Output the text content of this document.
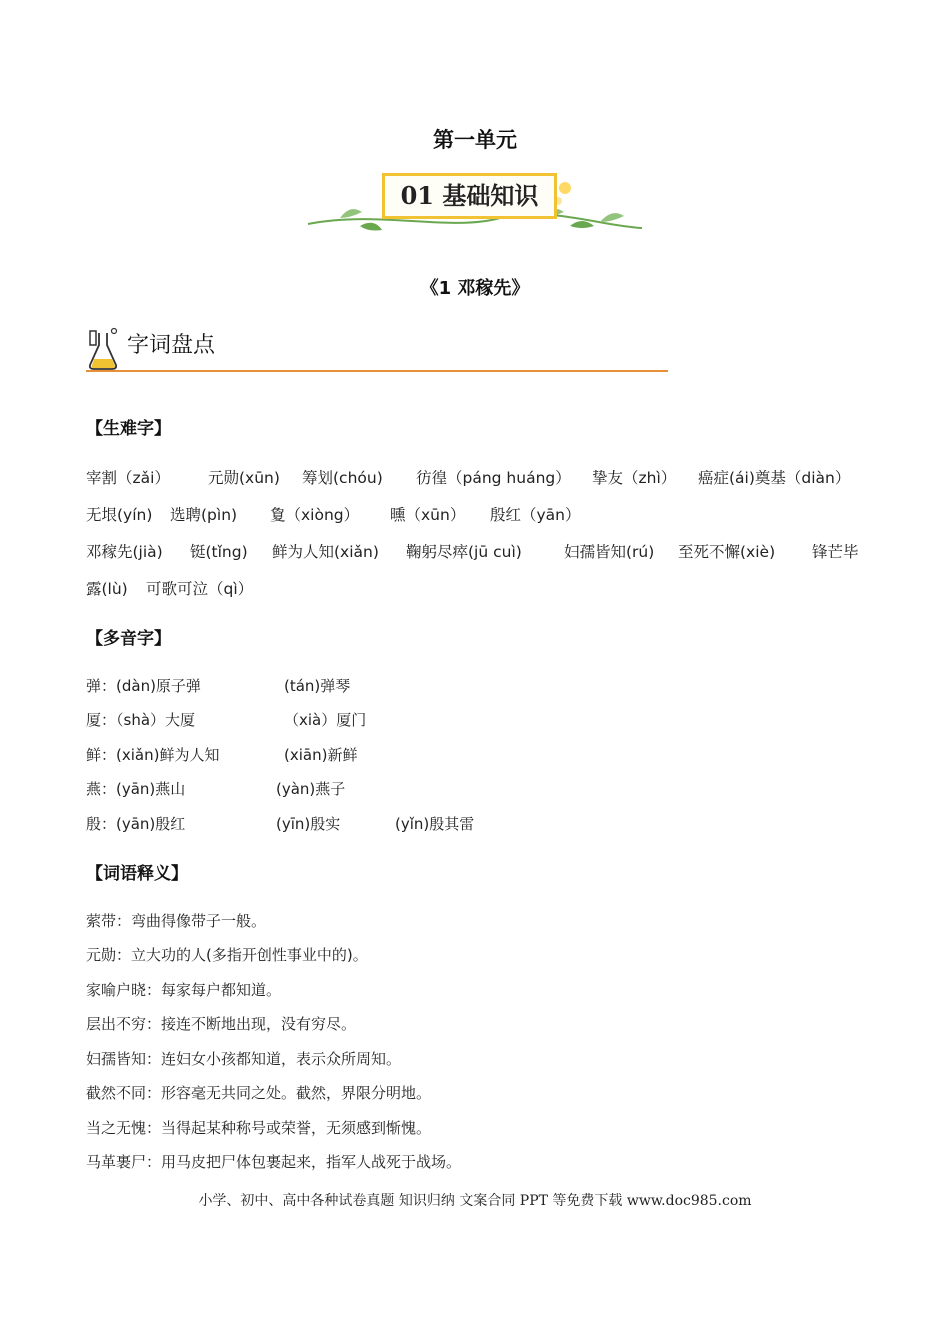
第一单元
01 基础知识
《1 邓稼先》
字词盘点
【生难字】
宰割（zǎi） 元勋(xūn) 筹划(chóu) 彷徨（páng huáng） 挚友（zhì） 癌症(ái)奠基（diàn）
无垠(yín) 选聘(pìn) 夐（xiòng） 曛（xūn） 殷红（yān）
邓稼先(jià) 铤(tǐng) 鲜为人知(xiǎn) 鞠躬尽瘁(jū cuì)	妇孺皆知(rú) 至死不懈(xiè) 锋芒毕
露(lù) 可歌可泣（qì）
【多音字】
弹：(dàn)原子弹	(tán)弹琴
厦：（shà）大厦	（xià）厦门
鲜：(xiǎn)鲜为人知	(xiān)新鲜
燕：(yān)燕山	(yàn)燕子
殷：(yān)殷红	(yīn)殷实	(yǐn)殷其雷
【词语释义】
萦带：弯曲得像带子一般。
元勋：立大功的人(多指开创性事业中的)。
家喻户晓：每家每户都知道。
层出不穷：接连不断地出现，没有穷尽。
妇孺皆知：连妇女小孩都知道，表示众所周知。
截然不同：形容毫无共同之处。截然，界限分明地。
当之无愧：当得起某种称号或荣誉，无须感到惭愧。
马革裹尸：用马皮把尸体包裹起来，指军人战死于战场。
小学、初中、高中各种试卷真题 知识归纳 文案合同 PPT 等免费下载 www.doc985.com
